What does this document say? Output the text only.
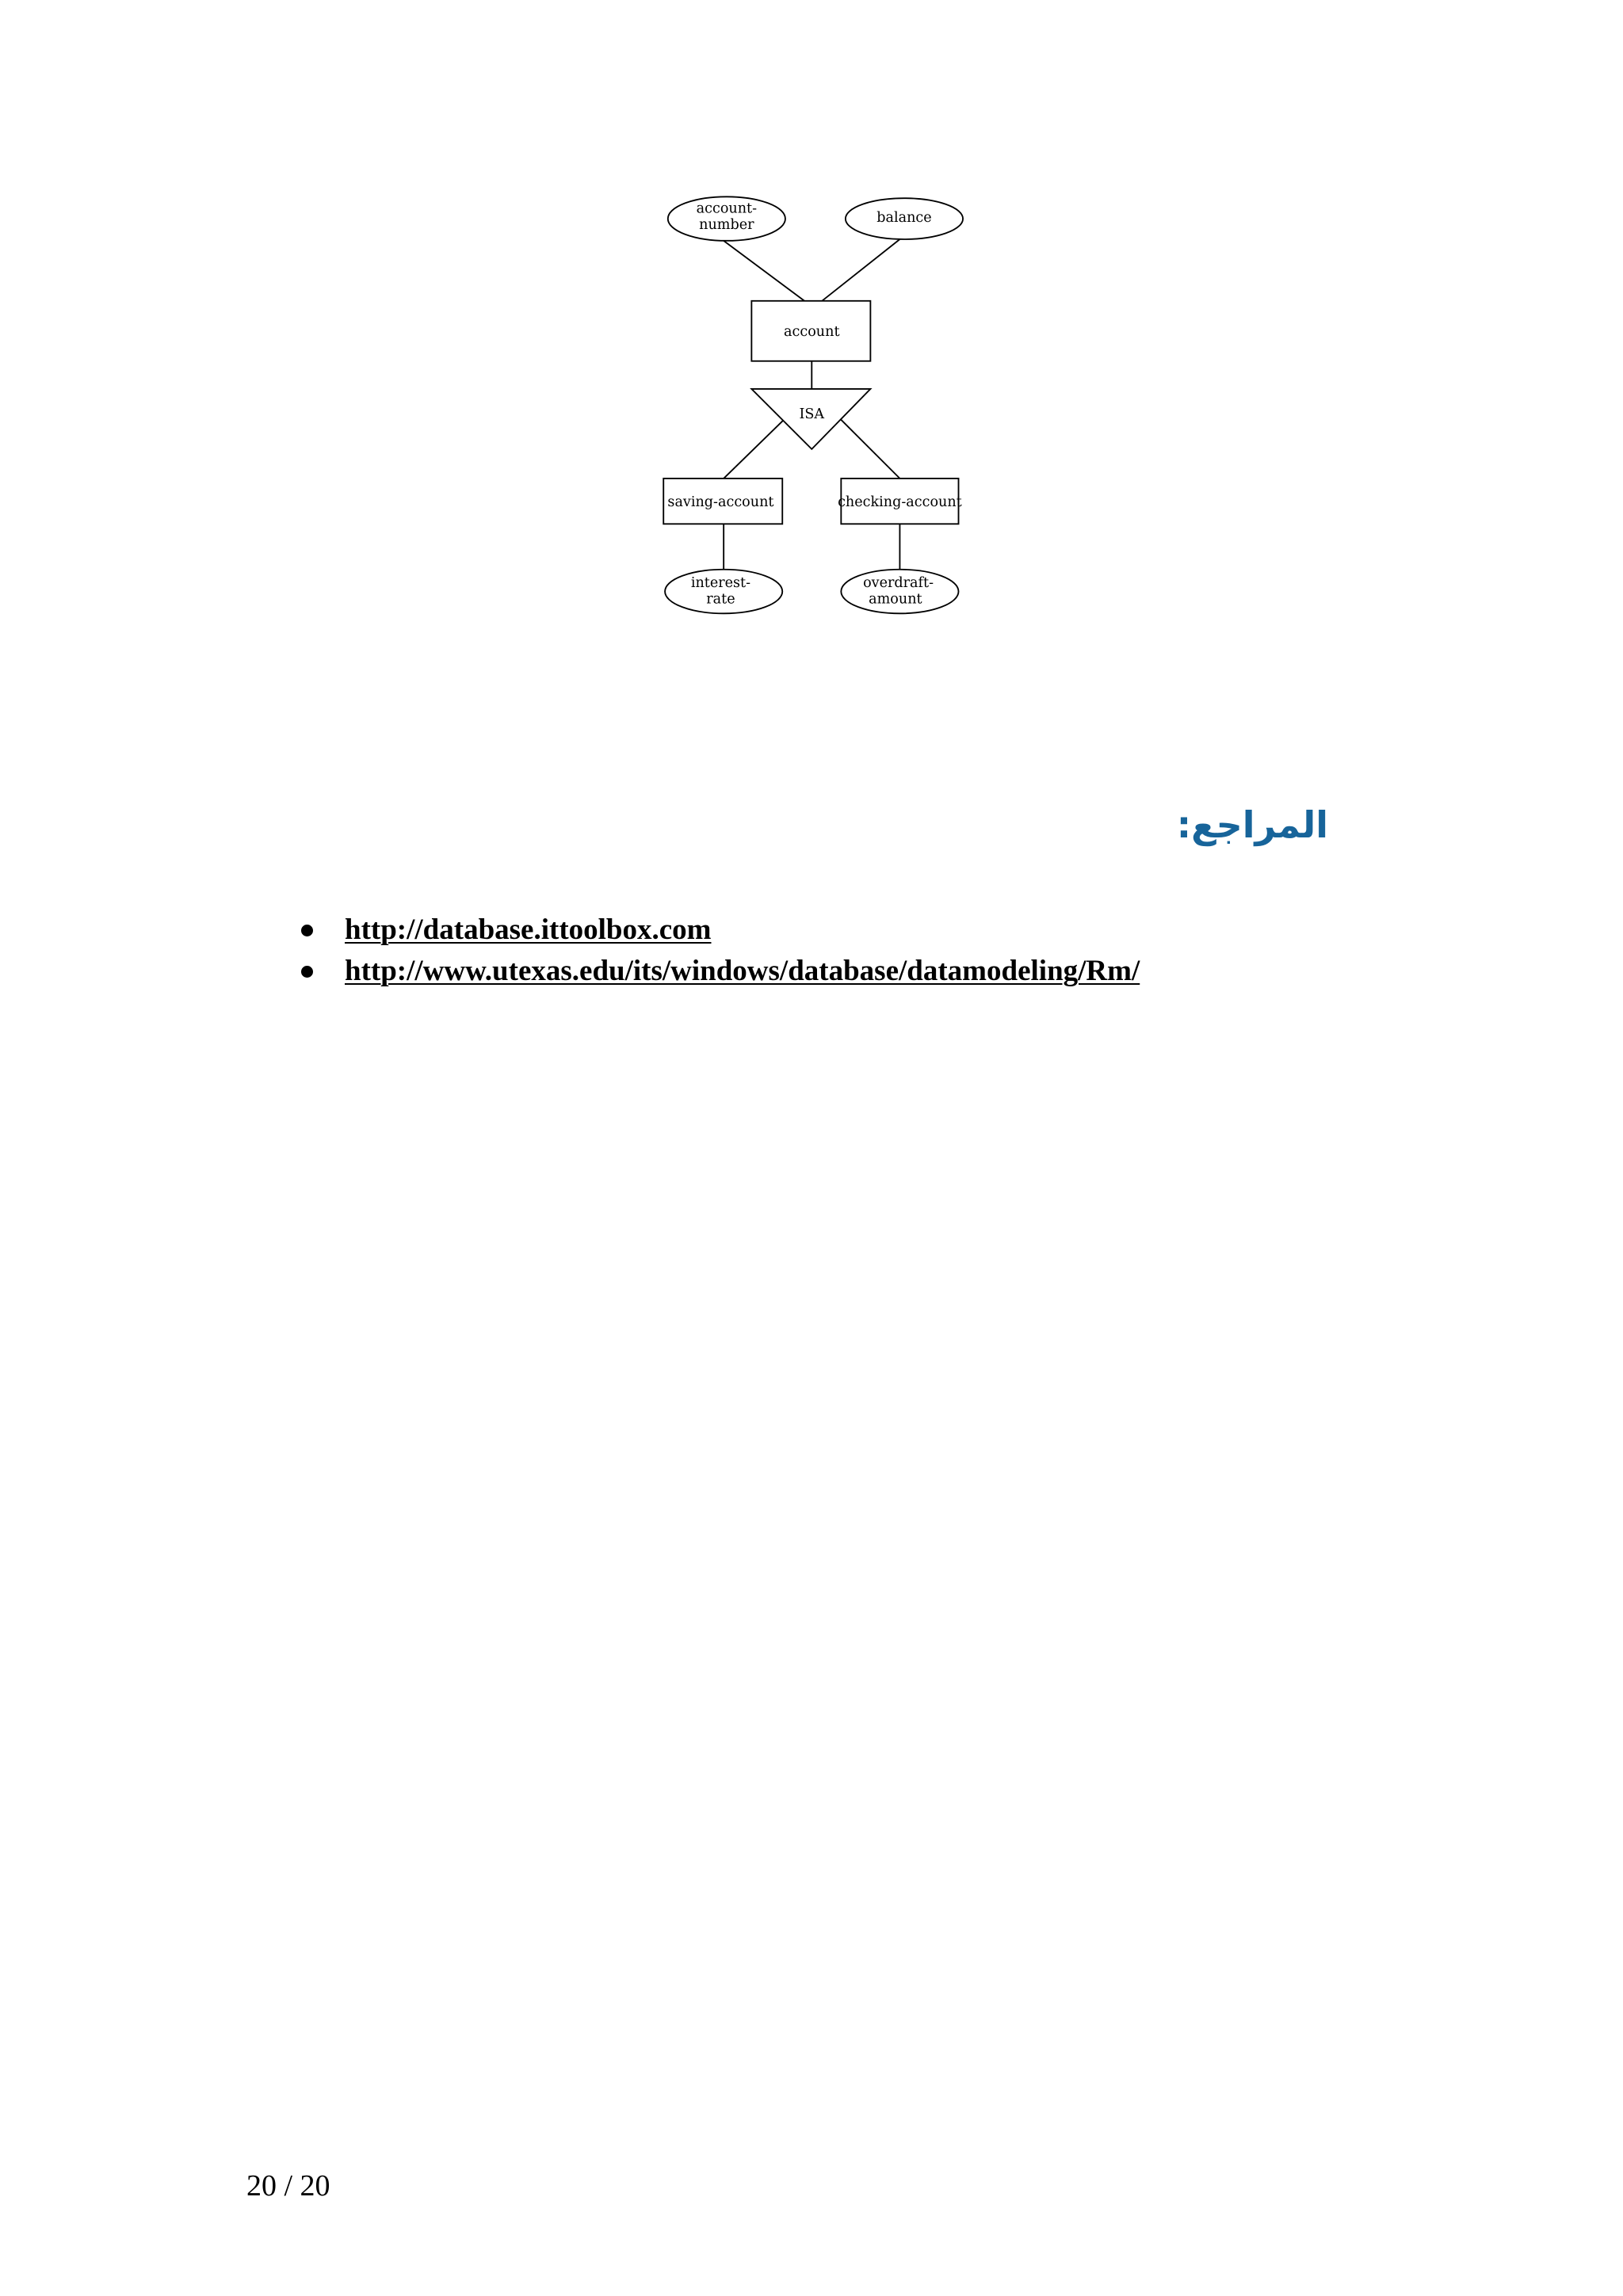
account-
number	balance
account
ISA
saving-account	checking-account
interest-
rate
overdraft-
amount
المراجع:
http://database.ittoolbox.com
http://www.utexas.edu/its/windows/database/datamodeling/Rm/
20 / 20
